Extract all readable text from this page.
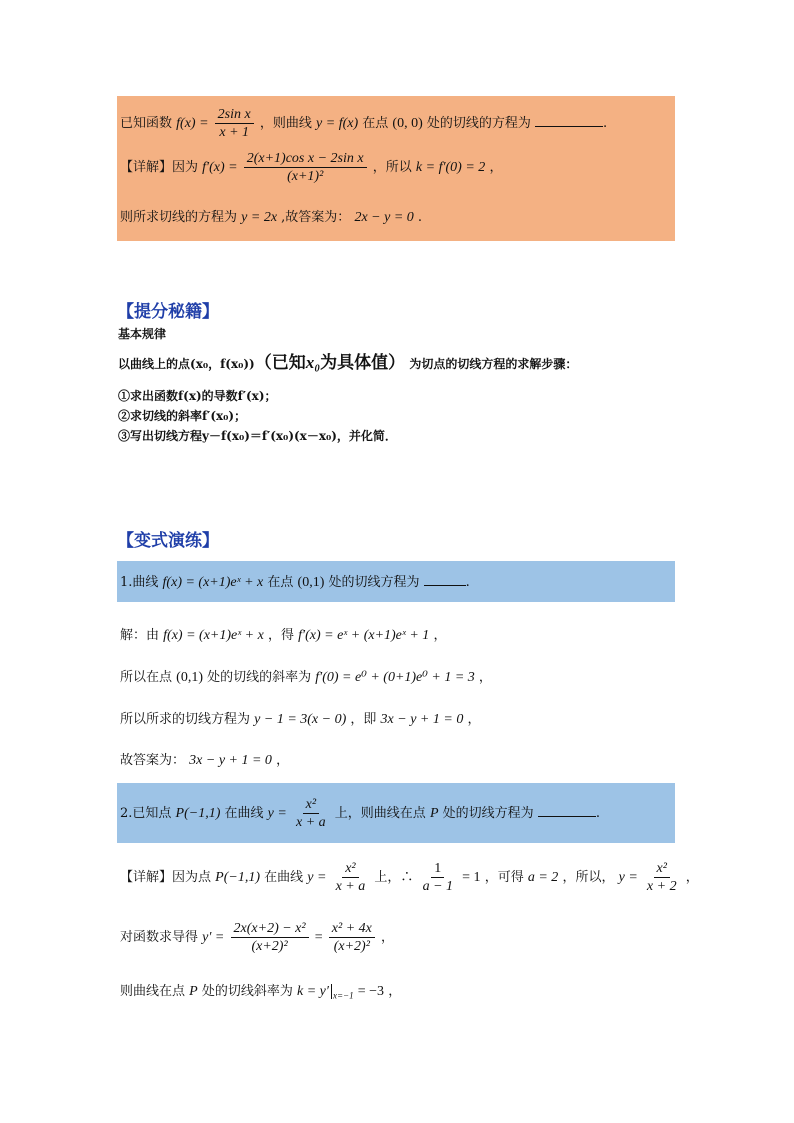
已知函数 $f(x) = \frac{\text{2sin x}}{x + 1}$ ，则曲线 y = f(x) 在点 (0, 0) 处的切线的方程为	.
【详解】因为 $f'(x) = \frac{\text{2(x+1)cos x − 2sin x}}{\text{(x+1)²}}$ ，所以 k = f′(0) = 2 ，
则所求切线的方程为 y = 2x ,故答案为： 2x − y = 0 .
【提分秘籍】
基本规律
以曲线上的点(x₀，f(x₀))（已知x₀为具体值） 为切点的切线方程的求解步骤：
①求出函数f(x)的导数f′(x)；
②求切线的斜率f′(x₀)；
③写出切线方程y－f(x₀)＝f′(x₀)(x－x₀)，并化简．
【变式演练】
1.曲线 f(x) = (x+1)eˣ + x 在点 (0,1) 处的切线方程为	.
解：由 f(x) = (x+1)eˣ + x ，得 f′(x) = eˣ + (x+1)eˣ + 1 ，
所以在点 (0,1) 处的切线的斜率为 f′(0) = e⁰ + (0+1)e⁰ + 1 = 3 ，
所以所求的切线方程为 y − 1 = 3(x − 0) ，即 3x − y + 1 = 0 ，
故答案为： 3x − y + 1 = 0 ，
2.已知点 P(−1,1) 在曲线 $y = \frac{\text{x²}}{x + a}$ 上，则曲线在点 P 处的切线方程为	.
【详解】因为点 P(−1,1) 在曲线 $y = \frac{\text{x²}}{x + a}$ 上，∴ $\frac{1}{a - 1} = 1$ ，可得 a = 2 ，所以， $y = \frac{\text{x²}}{x + 2}$ ，
对函数求导得 $y' = \frac{\text{2x(x+2) − x²}}{\text{(x+2)²}} = \frac{\text{x² + 4x}}{\text{(x+2)²}}$ ，
则曲线在点 P 处的切线斜率为 k = y′ $_{x=-1}$ = −3 ，
